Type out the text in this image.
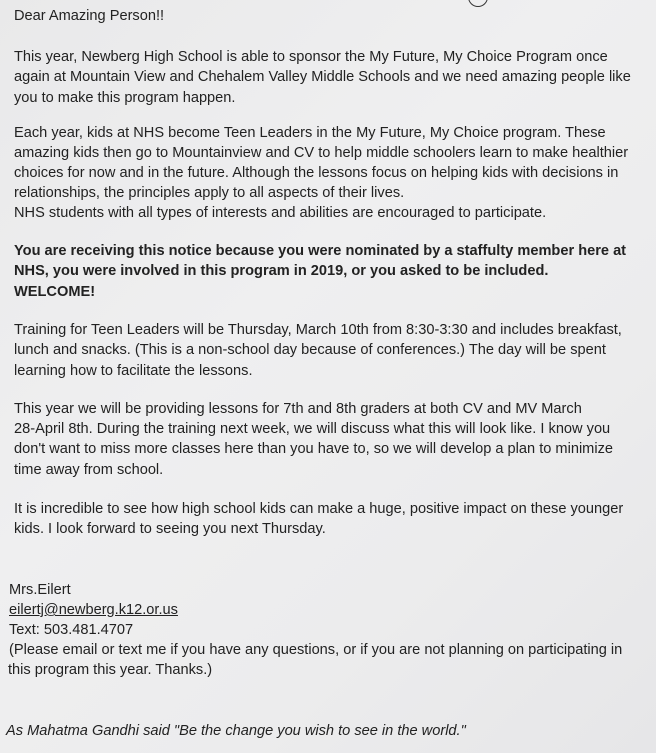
Dear Amazing Person!!
This year, Newberg High School is able to sponsor the My Future, My Choice Program once
again at Mountain View and Chehalem Valley Middle Schools and we need amazing people like
you to make this program happen.
Each year, kids at NHS become Teen Leaders in the My Future, My Choice program. These
amazing kids then go to Mountainview and CV to help middle schoolers learn to make healthier
choices for now and in the future. Although the lessons focus on helping kids with decisions in
relationships, the principles apply to all aspects of their lives.
NHS students with all types of interests and abilities are encouraged to participate.
You are receiving this notice because you were nominated by a staffulty member here at
NHS, you were involved in this program in 2019, or you asked to be included.
WELCOME!
Training for Teen Leaders will be Thursday, March 10th from 8:30-3:30 and includes breakfast,
lunch and snacks. (This is a non-school day because of conferences.) The day will be spent
learning how to facilitate the lessons.
This year we will be providing lessons for 7th and 8th graders at both CV and MV March
28-April 8th. During the training next week, we will discuss what this will look like. I know you
don't want to miss more classes here than you have to, so we will develop a plan to minimize
time away from school.
It is incredible to see how high school kids can make a huge, positive impact on these younger
kids. I look forward to seeing you next Thursday.
Mrs.Eilert
eilertj@newberg.k12.or.us
Text: 503.481.4707
(Please email or text me if you have any questions, or if you are not planning on participating in
this program this year. Thanks.)
As Mahatma Gandhi said "Be the change you wish to see in the world."
